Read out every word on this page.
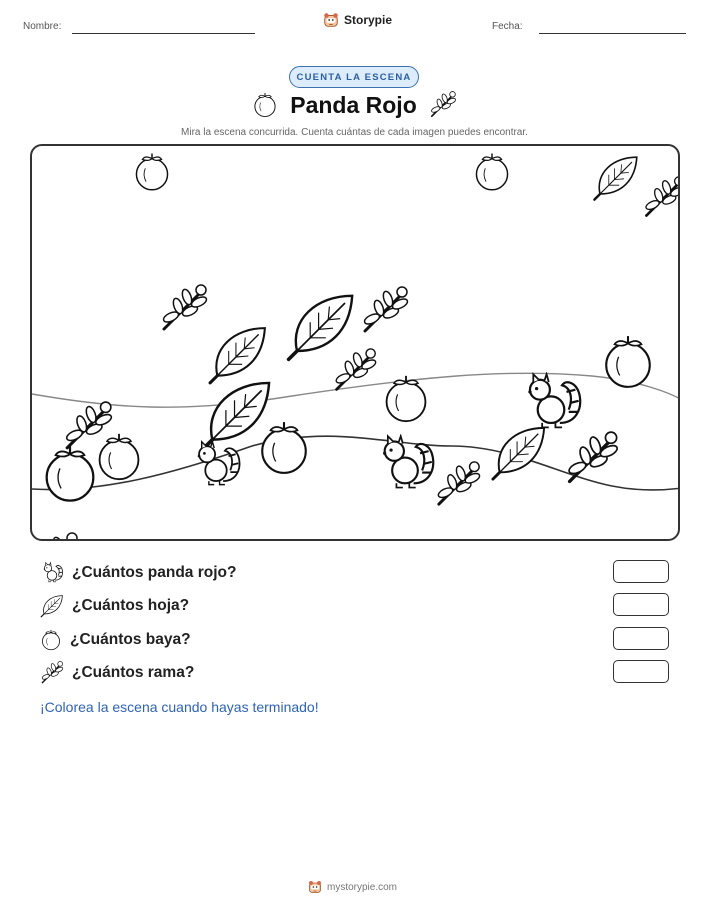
Nombre:	Storypie	Fecha:
CUENTA LA ESCENA
Panda Rojo
Mira la escena concurrida. Cuenta cuántas de cada imagen puedes encontrar.
¿Cuántos panda rojo?
¿Cuántos hoja?
¿Cuántos baya?
¿Cuántos rama?
¡Colorea la escena cuando hayas terminado!
mystorypie.com
